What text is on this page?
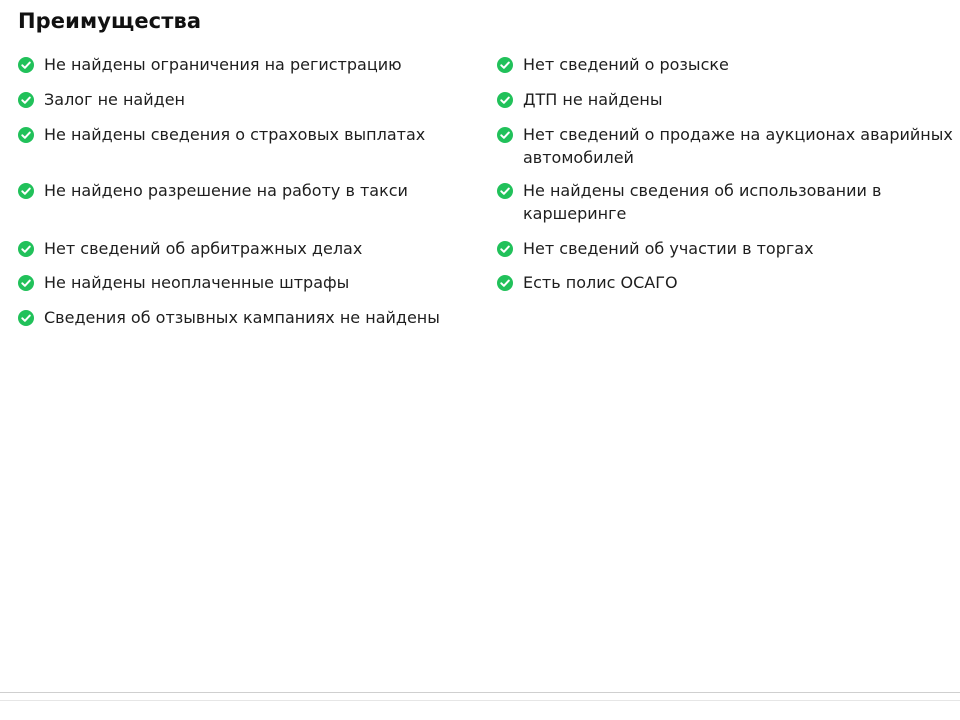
Преимущества
Не найдены ограничения на регистрацию
Залог не найден
Не найдены сведения о страховых выплатах
Не найдено разрешение на работу в такси
Нет сведений об арбитражных делах
Не найдены неоплаченные штрафы
Сведения об отзывных кампаниях не найдены
Нет сведений о розыске
ДТП не найдены
Нет сведений о продаже на аукционах аварийных автомобилей
Не найдены сведения об использовании в каршеринге
Нет сведений об участии в торгах
Есть полис ОСАГО
